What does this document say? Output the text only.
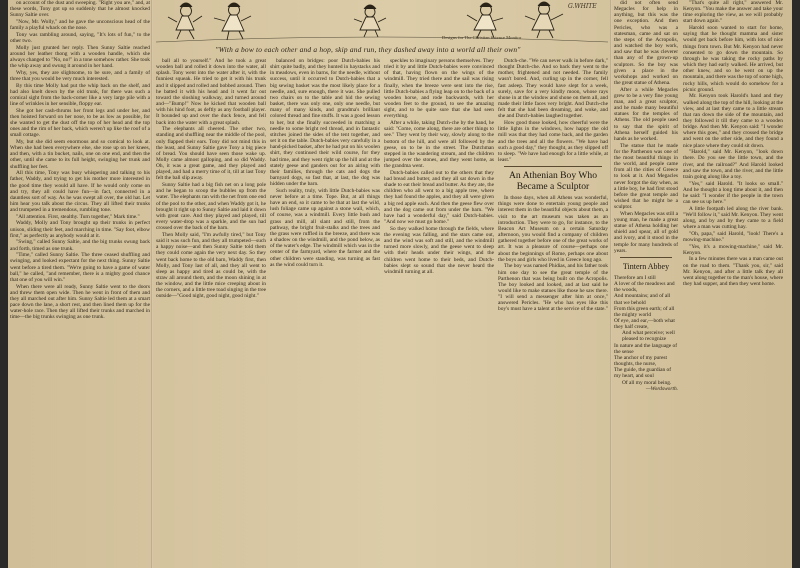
on account of the dust and sweeping. "Right you are," and, at these words, Tony got up so suddenly that he almost knocked Sunny Saltie over.

"Now, Mr. Wolly," and he gave the unconscious head of the family a playful whack on the nose.

Tony was rambling around, saying, "It's lots of fun," to the other two.

Molly just grunted her reply. Then Sunny Saltie reached around her leather thong with a wooden handle, which she always changed to "No, no!" in a tone somehow rather. She took the whip away and swung it around in her hand.

Why, yes, they are slightsome, to be sure, and a family of three that you would be very much interested.

By this time Molly had put the whip back on the shelf, and had also knelt down by the old trunk, for there was such a comical sight from the back-corner like a very large pile with a line of wrinkles in her sensible, floppy ear.

She got her cash-thrums her front legs and under her, and then hoisted forward on her nose, to be as low as possible, for she wanted to get the dust off the top of her head and the top ones and the rim of her back, which weren't up like the roof of a small cottage.

My, but she did seem enormous and so comical to look at. When she had been everywhere else, she rose up on her knees, and then, with a tin bucket, nails, one on one end, and then the other, until she came to its full height, swinging her trunk and shuffling her feet.

All this time, Tony was busy whispering and talking to his father, Waddy, and trying to get his mother more interested in the good time they would all have. If he would only come on and try, they all could have fun—in fact, connected in a dauntless sort of way. As he was swept all over, the old hat. Let him hear you talk about the circus. They all lifted their trunks and trumpeted in a tremendous, rumbling tone.

"All attention. First, stealthy. Turn together," Mark time."

Waddy, Molly and Tony brought up their trunks in perfect unison, sliding their feet, and marching in time. "Say foot, elbow first," as perfectly as anybody would at it.

"Swing," called Sunny Saltie, and the big trunks swung back and forth, timed as one trunk.

"Time," called Sunny Saltie. The three ceased shuffling and swinging, and looked expectant for the next thing. Sunny Saltie went before a tired them. "We're going to have a game of water ball," he called, "and remember, there is a mighty good chance that one of you will win."

When there were all ready, Sunny Saltie went to the doors and threw them open wide. Then he went in front of them and they all marched out after him. Sunny Saltie led them at a smart pace down the lane, a short rest, and then lined them up for the water-hole race. Then they all lifted their trunks and marched in time—the big trunks swinging as one trunk.

G.WHITE
Designs for The Christian Science Monitor
"With a bow to each other and a hop, skip and run, they dashed away into a world all their own"

ball all to yourself." And he took a great wooden ball and rolled it down into the water, all splash. Tony went into the water after it, with the funniest squeak. He tried to get it with his trunk and it slipped and rolled and bobbed around. Then he batted it with his head and it went far out toward the sloshing walkway, and turned around and—"Bump!" Now he kicked that wooden ball with his hind foot, as deftly as any football player. It bounded up and over the duck fence, and fell back into the water with a great splash.

The elephants all cheered. The other two, standing and shuffling near the middle of the pool, only flapped their ears. Tony did not mind this in the least, and Sunny Saltie gave Tony a big piece of bread. You should have seen those wake up. Molly came almost galloping, and so did Waddy. Oh, it was a great game, and they played and played, and had a merry time of it, till at last Tony felt the ball slip away.

Sunny Saltie had a big fish net on a long pole and he began to scoop the bubbles up from the water. The elephants ran with the net from one end of the pool to the other, and when Waddy got it, he brought it right up to Sunny Saltie and laid it down with great care. And they played and played, till every water-drop was a sparkle, and the sun had crossed over the back of the barn.

Then Molly said, "I'm awfully tired," but Tony said it was such fun, and they all trumpeted—such a happy noise—and then Sunny Saltie told them they could come again the very next day. So they went back home to the old barn, Waddy first, then Molly, and Tony last of all, and they all went to sleep as happy and tired as could be, with the straw all around them, and the moon shining in at the window, and the little mice creeping about in the corners, and a little tree toad singing in the tree outside—"Good night, good night, good night."

balanced on bridges: poor Dutch-babies his shirt quite badly, and they hunted in haystacks and in meadows, even in barns, for the needle, without success, until it occurred to Dutch-babies that a big sewing basket was the most likely place for a needle, and, sure enough, there it was. She pulled two chairs on to the table and hid the sewing basket, there was only one, only one needle, but many of many kinds, and grandma's brilliant colored thread and fine stuffs. It was a good lesson to her, but she finally succeeded in matching a needle to some bright red thread, and in fantastic stitches joined the sides of the tent together, and set it on the table. Dutch-babies very carefully in a hand-picked basket, after he had put on his woolen shirt, they continued their wild course, for they had time, and they went right up the hill and at the stately geese and ganders out for an airing with their families, through the cats and dogs the barnyard dogs, so fast that, at last, the dog was hidden under the barn.

Such reality, truly, with little Dutch-babies was never before at a time. Tope. But, at all things have an end, so it came to be that at last the wild, lush foliage came up against a stone wall, which, of course, was a windmill. Every little bush and grass and mill, all slant and still, from the pathway, the bright fruit-stalks and the trees and the grass were ruffled in the breeze, and there was a shadow on the windmill, and the pond below, as of the water's edge. The windmill which was in the center of the farmyard, where the farmer and the other children were standing, was turning as fast as the wind could turn it.

speckles to imaginary persons themselves. They tried it by and little Dutch-babies were convinced of that, having flown on the wings of the windmill. They tried there and the sail was rising finally, when the breeze were sent into the rise, little Dutch-babies a flying leap on to the back of a wooden horse, and rode backwards, with her wooden feet to the ground, to see the amazing sight, and to be quite sure that she had seen everything.

After a while, taking Dutch-che by the hand, he said: "Come, come along, there are other things to see." They went by their way, slowly along to the bottom of the hill, and were all followed by the geese, on to be in the street. The Dutchman stepped in the wandering stream, and the children jumped over the stones, and they went home, as the grandma went.

Dutch-babies called out to the others that they had bread and butter, and they all sat down in the shade to eat their bread and butter. As they ate, the children who all went to a big apple tree, where they had found the apples, and they all were given a big red apple each. And then the geese flew over and the dog came out from under the barn. "We have had a wonderful day," said Dutch-babies. "And now we must go home."

So they walked home through the fields, where the evening was falling, and the stars came out, and the wind was soft and still, and the windmill turned more slowly, and the geese went to sleep with their heads under their wings, and the children went home to their beds, and Dutch-babies slept so sound that she never heard the windmill turning at all.

Dutch-che. "We can never walk in before dark," thought Dutch-che. And so back they went to the mother, frightened and not needed. The family wasn't bored. And, curling up in the corner, fell fast asleep. They would have slept for a week, surely, save for a very kindly moon, whose rays shone in at the window and shone on them all, and made their little faces very bright. And Dutch-che felt that she had been dreaming, and woke, and she and Dutch-babies laughed together.

How good those looked, how cheerful were the little lights in the windows, how happy the old mill was that they had come back, and the garden and the trees and all the flowers. "We have had such a good day," they thought, as they slipped off to sleep. "We have had enough for a little while, at least."

An Athenian Boy Who Became a Sculptor

In those days, when all Athens was wonderful, things were done to entertain young people and interest them in the beautiful objects about them, a visit to the art museum was taken as an introduction. They were to go, for instance, to the Beacon Art Museum on a certain Saturday afternoon, you would find a company of children gathered together before one of the great works of art. It was a pleasure of course—perhaps one about the beginnings of Rome, perhaps one about the boys and girls who lived in Greece long ago.

The boy was named Phidias, and his father took him one day to see the great temple of the Parthenon that was being built on the Acropolis. The boy looked and looked, and at last said he would like to make statues like those he saw there. "I will send a messenger after him at once," answered Pericles. "He who has eyes like this boy's must have a talent at the service of the state."

did not often send Megacles for help in anything, but this was the one exception. And then Pericles, who was a statesman, came and sat on the steps of the Acropolis, and watched the boy work, and saw that he was cleverer than any of the grown-up sculptors. So the boy was given a place in the workshops and worked on the great statue of Athena.

After a while Megacles grew to be a very fine young man, and a great sculptor, and he made many beautiful statues for the temples of Athens. The old people used to say that the spirit of Athena herself guided his hands as he worked.

The statue that he made for the Parthenon was one of the most beautiful things in the world, and people came from all the cities of Greece to look at it. And Megacles never forgot the day when, as a little boy, he had first stood before the great temple and wished that he might be a sculptor.

When Megacles was still a young man, he made a great statue of Athena holding her shield and spear, all of gold and ivory, and it stood in the temple for many hundreds of years.

Tintern Abbey

Therefore am I still
A lover of the meadows and the woods,
And mountains; and of all that we behold
From this green earth; of all the mighty world
Of eye, and ear,—both what they half create,
And what perceive; well pleased to recognize
In nature and the language of the sense
The anchor of my purest thoughts, the nurse,
The guide, the guardian of my heart, and soul
Of all my moral being.

—Wordsworth.

"That's quite all right," answered Mr. Kenyon. "You make the answer and take your time exploring the view, as we will probably start down again."

Harold soon wanted to start for home, saying that he thought mamma and sister would get back before him, with lots of nice things from town. But Mr. Kenyon had never consented to go down the mountain. So through he was taking the rocky paths by which they had early walked. He arrived, but other knew, and so he went on up the mountain, and there was the top of some high, rocky hills, which would do somehow for a picnic ground.

Mr. Kenyon took Harold's hand and they walked along the top of the hill, looking at the view, and at last they came to a little stream that ran down the side of the mountain, and they followed it till they came to a wooden bridge. And then Mr. Kenyon said: "I wonder where this goes," and they crossed the bridge and went on the other side, and they found a nice place where they could sit down.

"Harold," said Mr. Kenyon, "look down there. Do you see the little town, and the river, and the railroad?" And Harold looked and saw the town, and the river, and the little train going along like a toy.

"Yes," said Harold. "It looks so small." And he thought a long time about it, and then he said: "I wonder if the people in the town can see us up here."

A little footpath led along the river bank. "We'll follow it," said Mr. Kenyon. They went along, and by and by they came to a field where a man was cutting hay.

"Oh, papa," said Harold, "look! There's a mowing-machine."

"Yes, it's a mowing-machine," said Mr. Kenyon.

In a few minutes there was a man came out on the road to them. "Thank you, sir," said Mr. Kenyon, and after a little talk they all went along together to the man's house, where they had supper, and then they went home.
